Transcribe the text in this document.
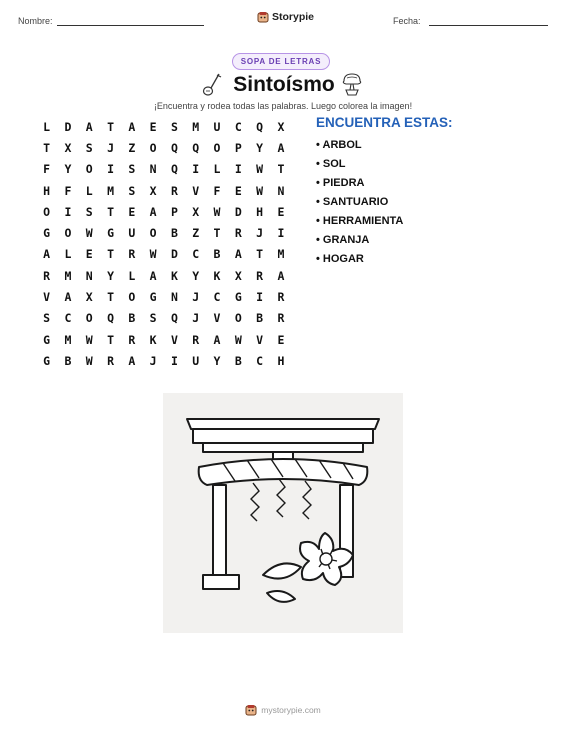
Nombre:	Storypie	Fecha:
SOPA DE LETRAS
Sintoísmo
¡Encuentra y rodea todas las palabras. Luego colorea la imagen!
L	D	A	T	A	E	S	M	U	C	Q	X
T	X	S	J	Z	O	Q	Q	O	P	Y	A
F	Y	O	I	S	N	Q	I	L	I	W	T
H	F	L	M	S	X	R	V	F	E	W	N
O	I	S	T	E	A	P	X	W	D	H	E
G	O	W	G	U	O	B	Z	T	R	J	I
A	L	E	T	R	W	D	C	B	A	T	M
R	M	N	Y	L	A	K	Y	K	X	R	A
V	A	X	T	O	G	N	J	C	G	I	R
S	C	O	Q	B	S	Q	J	V	O	B	R
G	M	W	T	R	K	V	R	A	W	V	E
G	B	W	R	A	J	I	U	Y	B	C	H
ENCUENTRA ESTAS:
• ARBOL
• SOL
• PIEDRA
• SANTUARIO
• HERRAMIENTA
• GRANJA
• HOGAR
mystorypie.com
